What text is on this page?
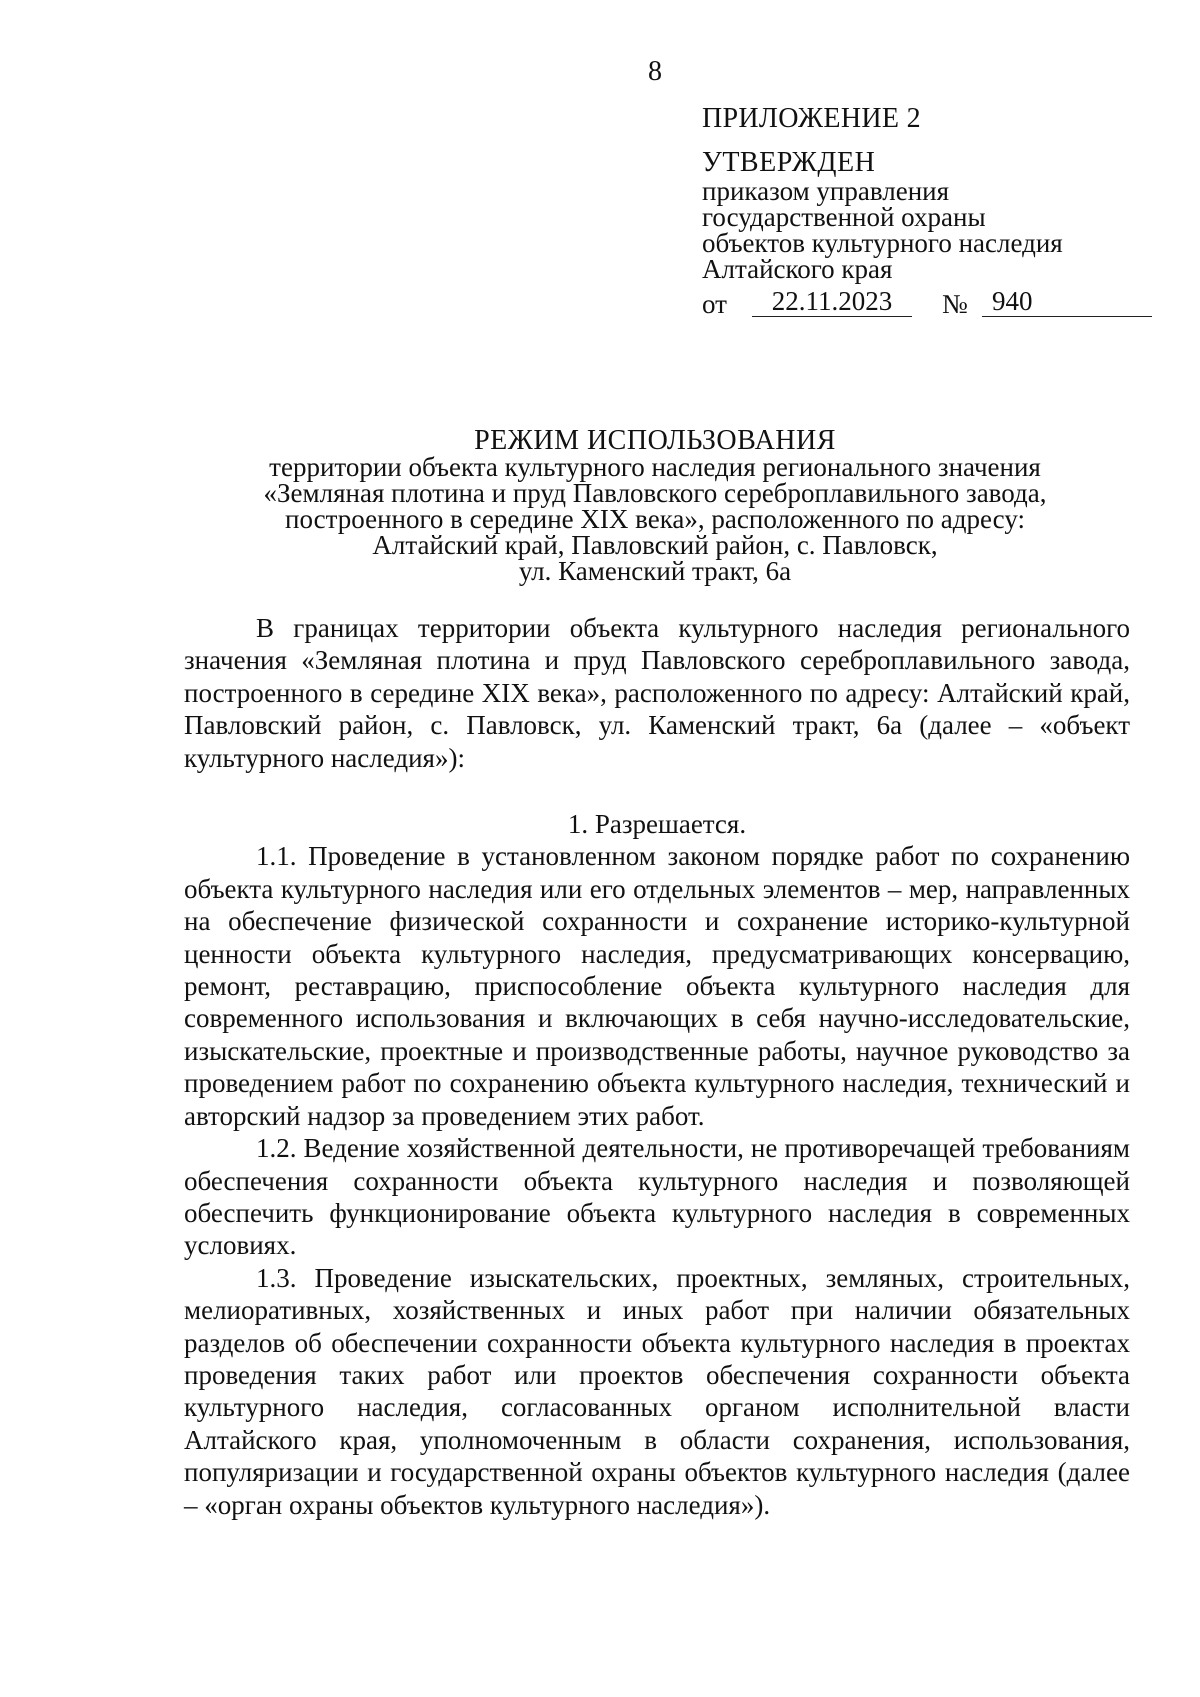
8
ПРИЛОЖЕНИЕ 2
УТВЕРЖДЕН
приказом управления
государственной охраны
объектов культурного наследия
Алтайского края
от	22.11.2023	№ 940
РЕЖИМ ИСПОЛЬЗОВАНИЯ
территории объекта культурного наследия регионального значения
«Земляная плотина и пруд Павловского сереброплавильного завода,
построенного в середине XIX века», расположенного по адресу:
Алтайский край, Павловский район, с. Павловск,
ул. Каменский тракт, 6а

В границах территории объекта культурного наследия регионального значения «Земляная плотина и пруд Павловского сереброплавильного завода, построенного в середине XIX века», расположенного по адресу: Алтайский край, Павловский район, с. Павловск, ул. Каменский тракт, 6а (далее – «объект культурного наследия»):

1. Разрешается.

1.1. Проведение в установленном законом порядке работ по сохранению объекта культурного наследия или его отдельных элементов – мер, направленных на обеспечение физической сохранности и сохранение историко-культурной ценности объекта культурного наследия, предусматривающих консервацию, ремонт, реставрацию, приспособление объекта культурного наследия для современного использования и включающих в себя научно-исследовательские, изыскательские, проектные и производственные работы, научное руководство за проведением работ по сохранению объекта культурного наследия, технический и авторский надзор за проведением этих работ.

1.2. Ведение хозяйственной деятельности, не противоречащей требованиям обеспечения сохранности объекта культурного наследия и позволяющей обеспечить функционирование объекта культурного наследия в современных условиях.

1.3. Проведение изыскательских, проектных, земляных, строительных, мелиоративных, хозяйственных и иных работ при наличии обязательных разделов об обеспечении сохранности объекта культурного наследия в проектах проведения таких работ или проектов обеспечения сохранности объекта культурного наследия, согласованных органом исполнительной власти Алтайского края, уполномоченным в области сохранения, использования, популяризации и государственной охраны объектов культурного наследия (далее – «орган охраны объектов культурного наследия»).
